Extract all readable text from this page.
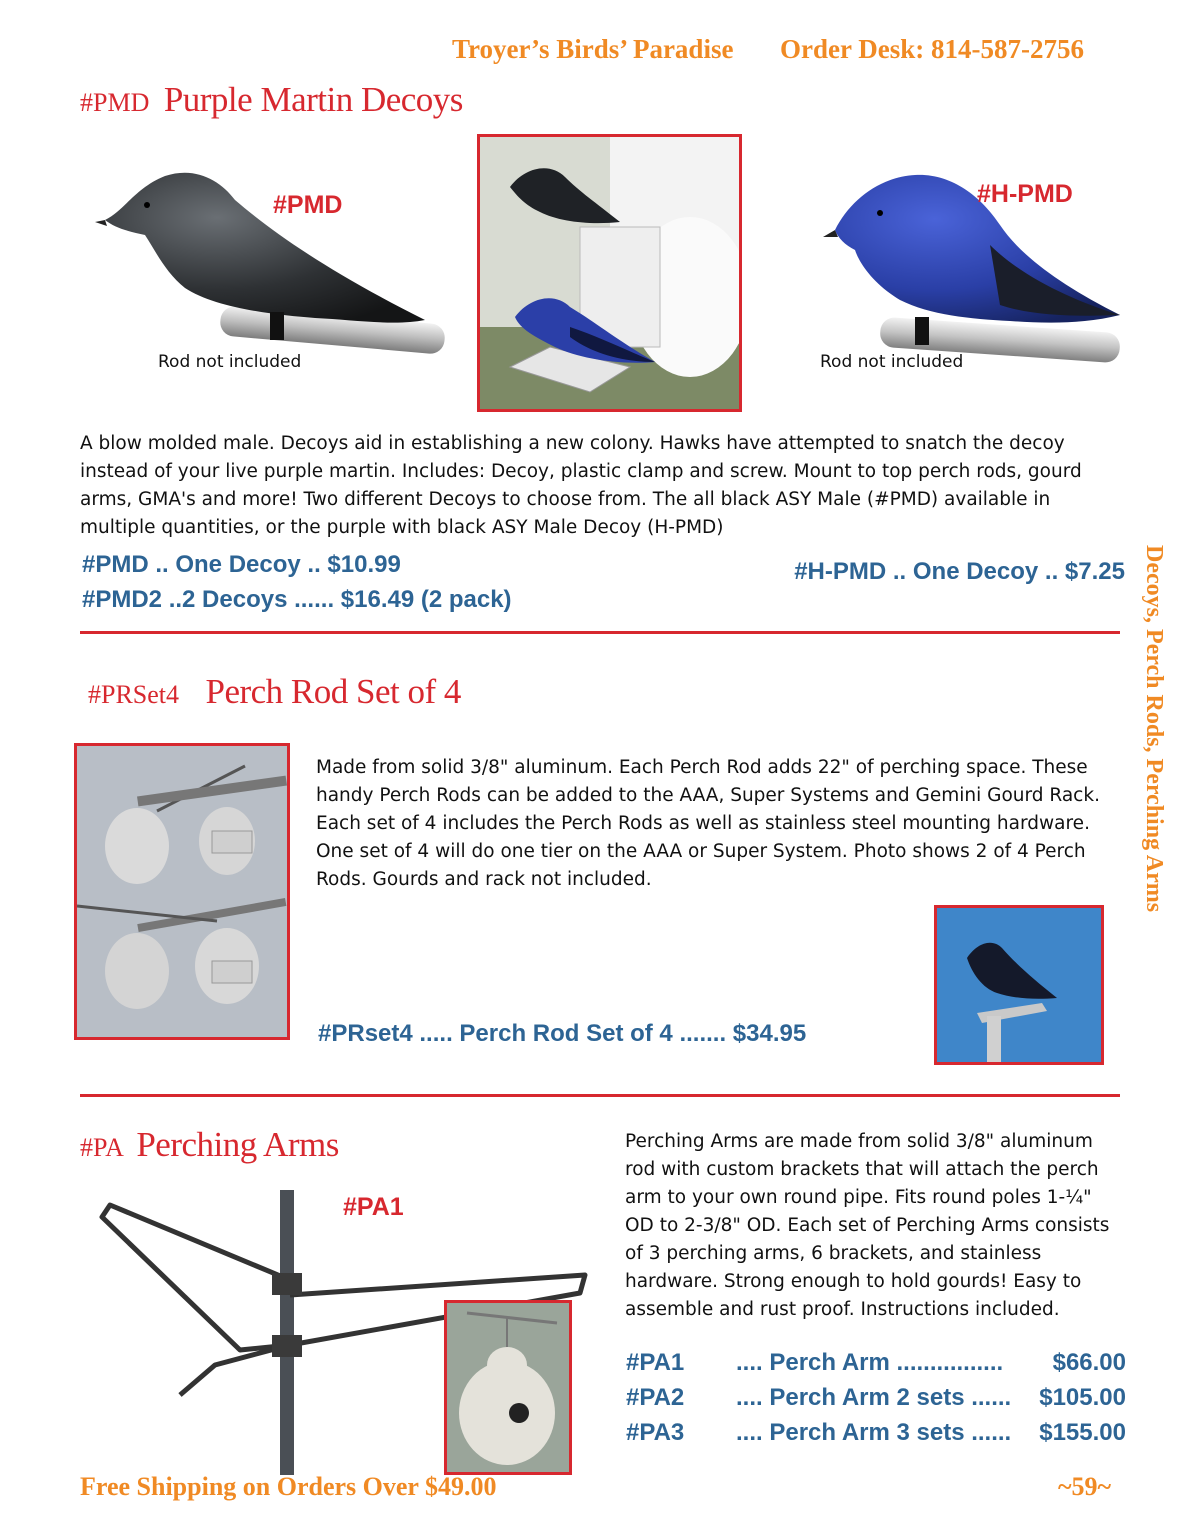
Troyer’s Birds’ Paradise Order Desk: 814-587-2756
Decoys, Perch Rods, Perching Arms
#PMD Purple Martin Decoys
#PMD
Rod not included
#H-PMD
Rod not included
A blow molded male. Decoys aid in establishing a new colony. Hawks have attempted to snatch the decoy instead of your live purple martin. Includes: Decoy, plastic clamp and screw. Mount to top perch rods, gourd arms, GMA's and more! Two different Decoys to choose from. The all black ASY Male (#PMD) available in multiple quantities, or the purple with black ASY Male Decoy (H-PMD)
#PMD .. One Decoy .. $10.99
#PMD2 ..2 Decoys ...... $16.49 (2 pack)
#H-PMD .. One Decoy .. $7.25
#PRSet4 Perch Rod Set of 4
Made from solid 3/8" aluminum. Each Perch Rod adds 22" of perching space. These handy Perch Rods can be added to the AAA, Super Systems and Gemini Gourd Rack. Each set of 4 includes the Perch Rods as well as stainless steel mounting hardware. One set of 4 will do one tier on the AAA or Super System. Photo shows 2 of 4 Perch Rods. Gourds and rack not included.
#PRset4 ..... Perch Rod Set of 4 ....... $34.95
#PA Perching Arms
#PA1
Perching Arms are made from solid 3/8" aluminum rod with custom brackets that will attach the perch arm to your own round pipe. Fits round poles 1-¼" OD to 2-3/8" OD. Each set of Perching Arms consists of 3 perching arms, 6 brackets, and stainless hardware. Strong enough to hold gourds! Easy to assemble and rust proof. Instructions included.
#PA1	.... Perch Arm ................	$66.00
#PA2	.... Perch Arm 2 sets ......	$105.00
#PA3	.... Perch Arm 3 sets ......	$155.00
Free Shipping on Orders Over $49.00	~59~
